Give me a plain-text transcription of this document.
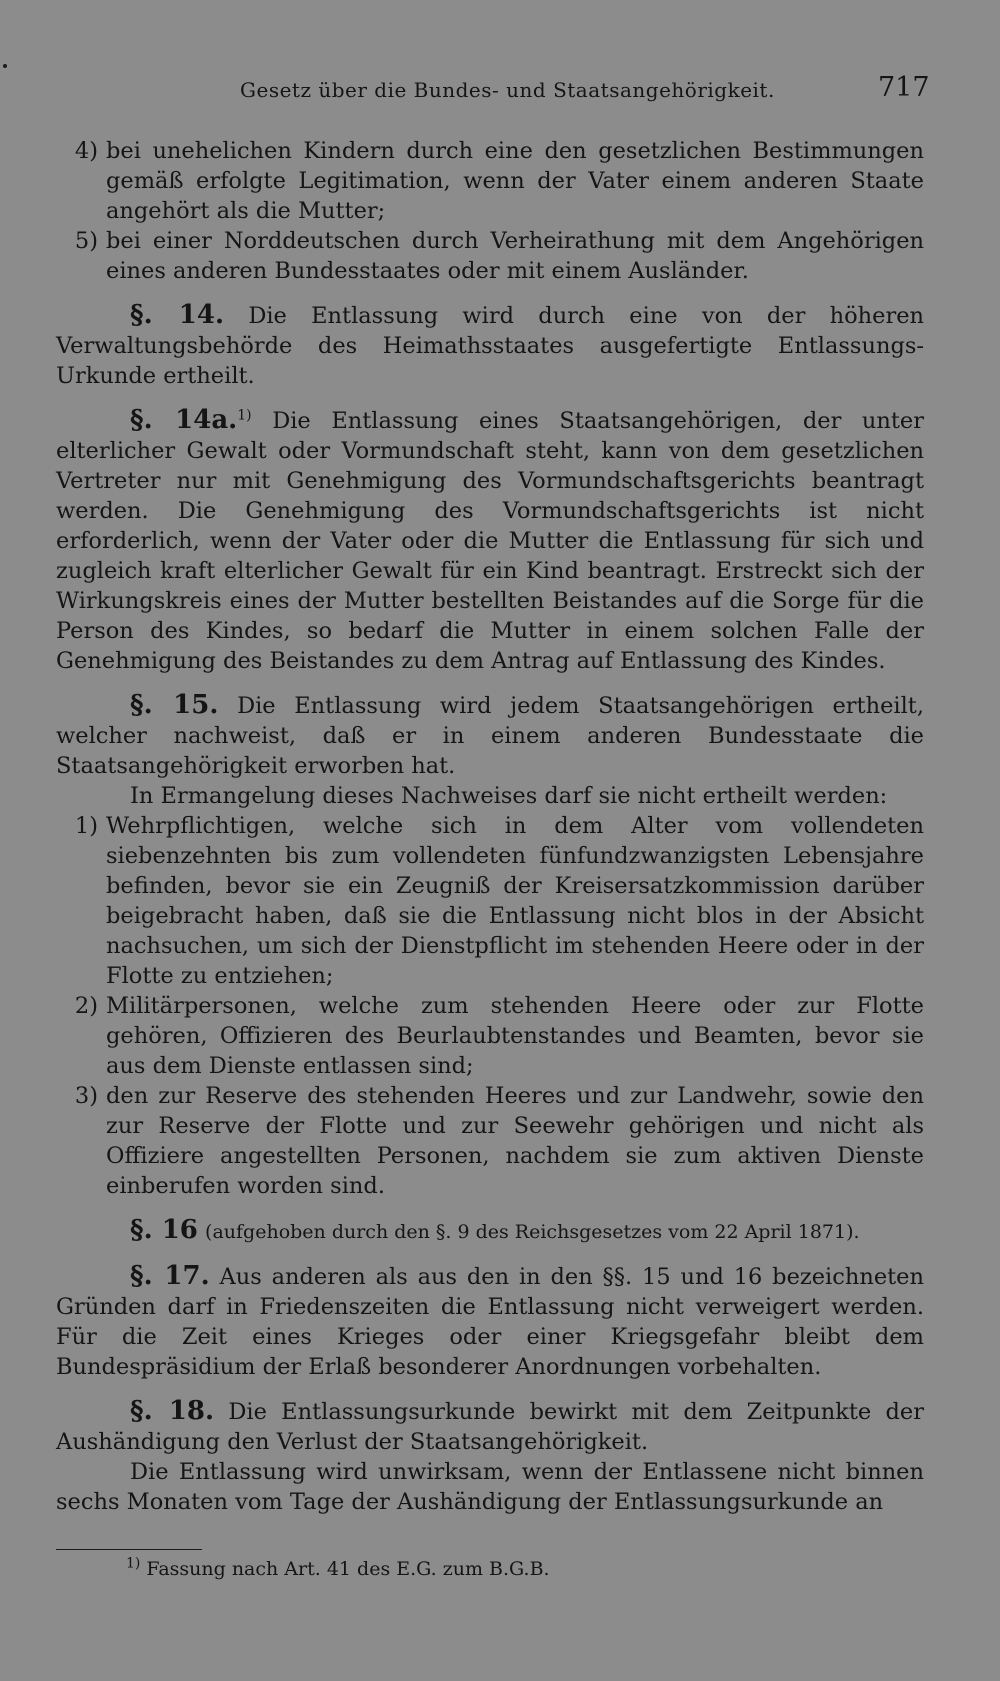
Gesetz über die Bundes- und Staatsangehörigkeit.	717
4) bei unehelichen Kindern durch eine den gesetzlichen Bestimmungen gemäß erfolgte Legitimation, wenn der Vater einem anderen Staate angehört als die Mutter;
5) bei einer Norddeutschen durch Verheirathung mit dem Angehörigen eines anderen Bundesstaates oder mit einem Ausländer.

§. 14. Die Entlassung wird durch eine von der höheren Verwaltungsbehörde des Heimathsstaates ausgefertigte Entlassungs-Urkunde ertheilt.

§. 14a.$^{1)}$ Die Entlassung eines Staatsangehörigen, der unter elterlicher Gewalt oder Vormundschaft steht, kann von dem gesetzlichen Vertreter nur mit Genehmigung des Vormundschaftsgerichts beantragt werden. Die Genehmigung des Vormundschaftsgerichts ist nicht erforderlich, wenn der Vater oder die Mutter die Entlassung für sich und zugleich kraft elterlicher Gewalt für ein Kind beantragt. Erstreckt sich der Wirkungskreis eines der Mutter bestellten Beistandes auf die Sorge für die Person des Kindes, so bedarf die Mutter in einem solchen Falle der Genehmigung des Beistandes zu dem Antrag auf Entlassung des Kindes.

§. 15. Die Entlassung wird jedem Staatsangehörigen ertheilt, welcher nachweist, daß er in einem anderen Bundesstaate die Staatsangehörigkeit erworben hat.

In Ermangelung dieses Nachweises darf sie nicht ertheilt werden:

1) Wehrpflichtigen, welche sich in dem Alter vom vollendeten siebenzehnten bis zum vollendeten fünfundzwanzigsten Lebensjahre befinden, bevor sie ein Zeugniß der Kreisersatzkommission darüber beigebracht haben, daß sie die Entlassung nicht blos in der Absicht nachsuchen, um sich der Dienstpflicht im stehenden Heere oder in der Flotte zu entziehen;
2) Militärpersonen, welche zum stehenden Heere oder zur Flotte gehören, Offizieren des Beurlaubtenstandes und Beamten, bevor sie aus dem Dienste entlassen sind;
3) den zur Reserve des stehenden Heeres und zur Landwehr, sowie den zur Reserve der Flotte und zur Seewehr gehörigen und nicht als Offiziere angestellten Personen, nachdem sie zum aktiven Dienste einberufen worden sind.

§. 16 (aufgehoben durch den §. 9 des Reichsgesetzes vom 22 April 1871).

§. 17. Aus anderen als aus den in den §§. 15 und 16 bezeichneten Gründen darf in Friedenszeiten die Entlassung nicht verweigert werden. Für die Zeit eines Krieges oder einer Kriegsgefahr bleibt dem Bundespräsidium der Erlaß besonderer Anordnungen vorbehalten.

§. 18. Die Entlassungsurkunde bewirkt mit dem Zeitpunkte der Aushändigung den Verlust der Staatsangehörigkeit.

Die Entlassung wird unwirksam, wenn der Entlassene nicht binnen sechs Monaten vom Tage der Aushändigung der Entlassungsurkunde an

$^{1)}$ Fassung nach Art. 41 des E.G. zum B.G.B.
